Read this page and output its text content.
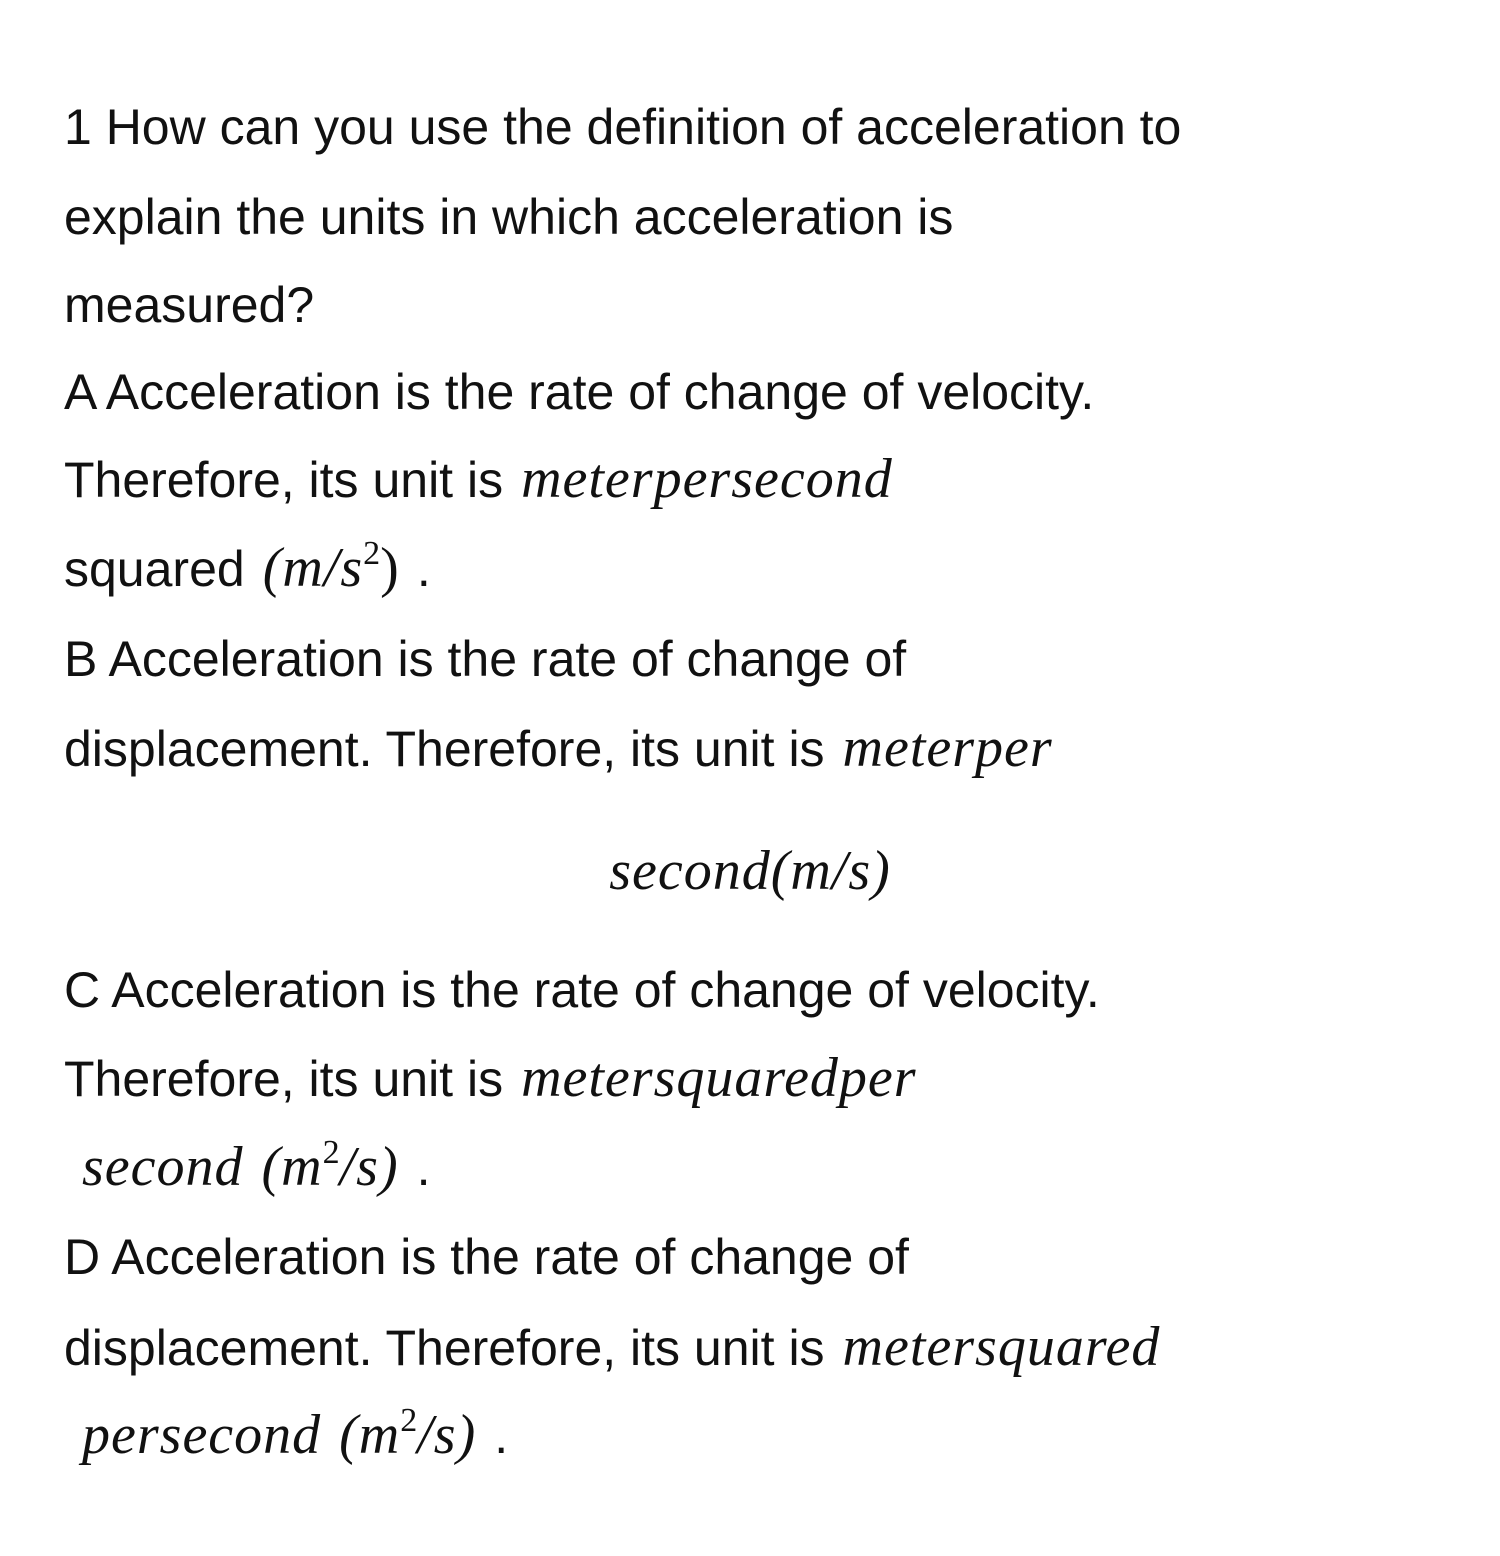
1 How can you use the definition of acceleration to
explain the units in which acceleration is
measured?
A Acceleration is the rate of change of velocity.
Therefore, its unit is meterpersecond
squared $(m/s^2)$ .
B Acceleration is the rate of change of
displacement. Therefore, its unit is meterper
second(m/s)
C Acceleration is the rate of change of velocity.
Therefore, its unit is metersquaredper
second $(m^2/s)$ .
D Acceleration is the rate of change of
displacement. Therefore, its unit is metersquared
persecond $(m^2/s)$ .
